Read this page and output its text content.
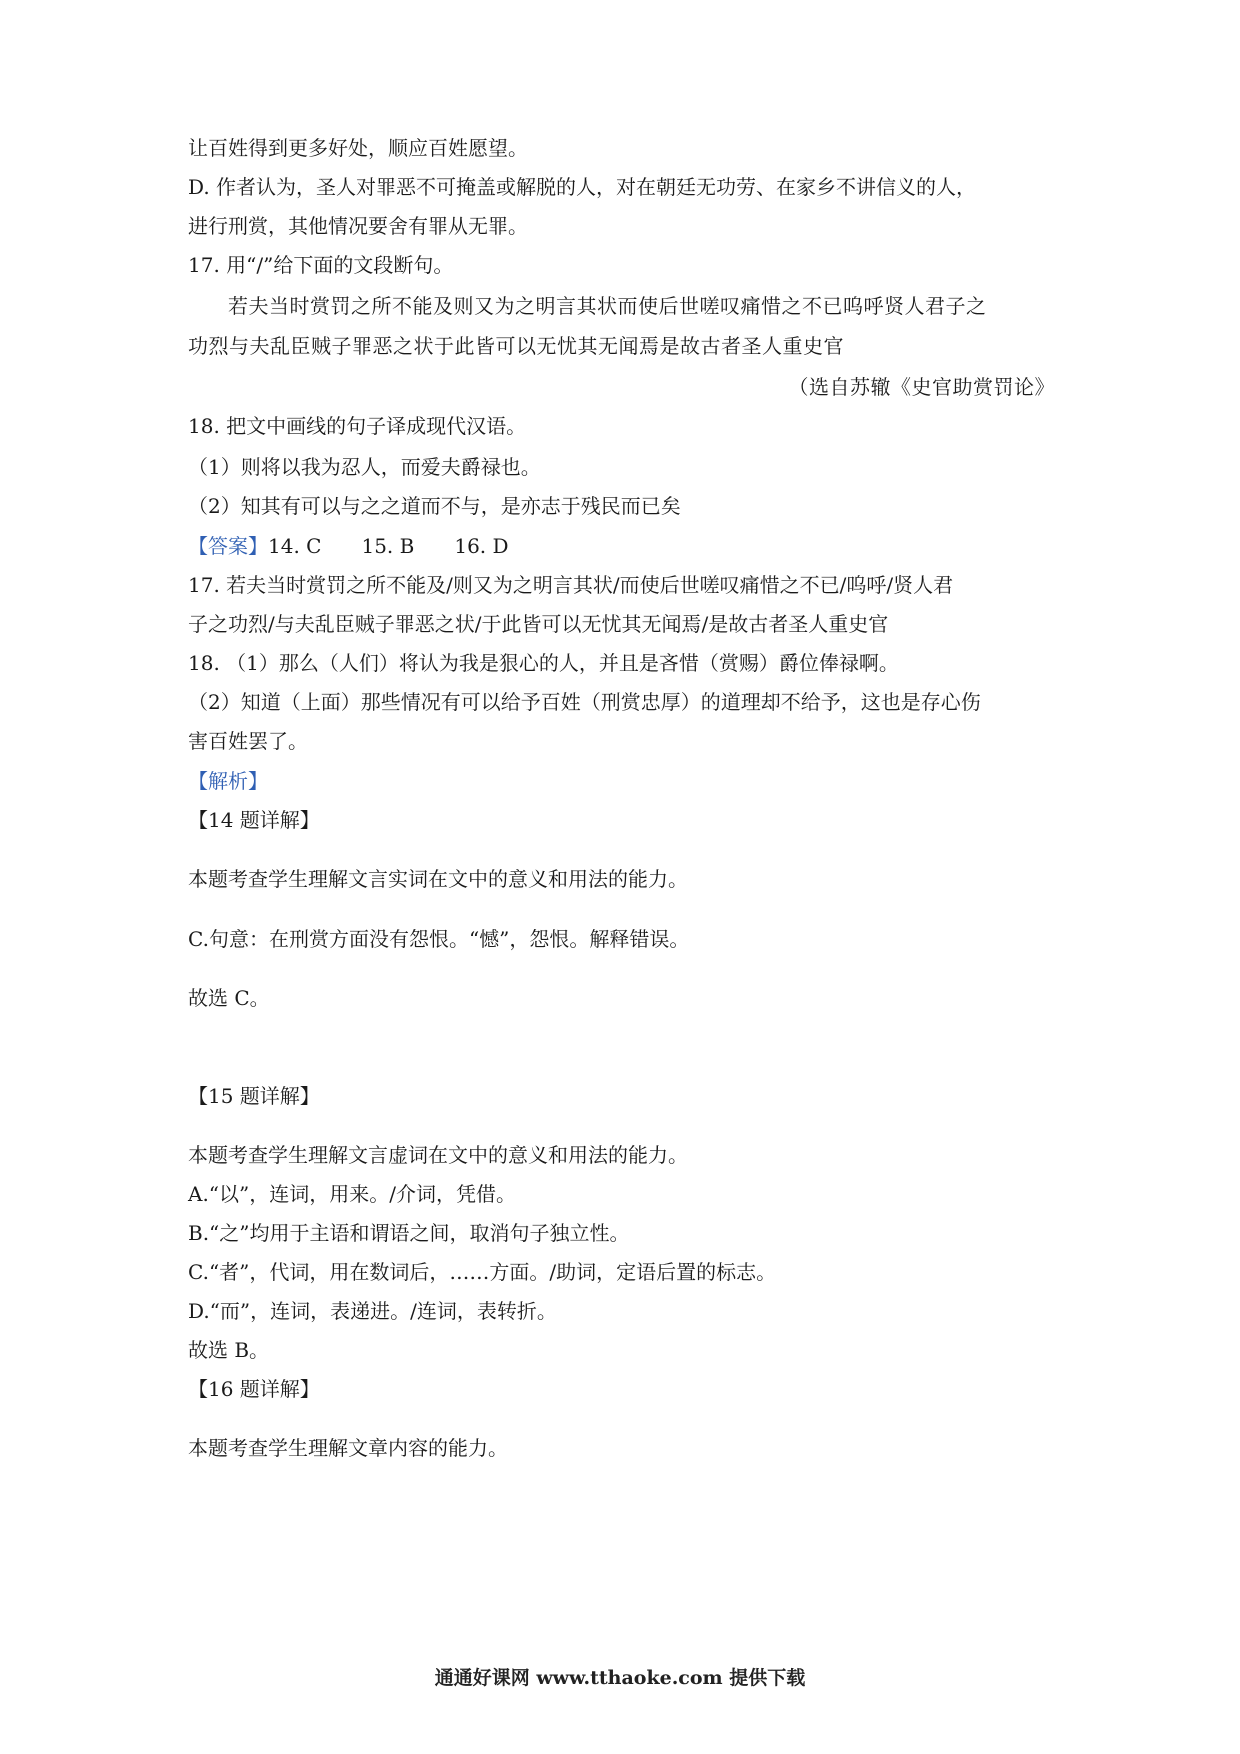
让百姓得到更多好处，顺应百姓愿望。
D. 作者认为，圣人对罪恶不可掩盖或解脱的人，对在朝廷无功劳、在家乡不讲信义的人，
进行刑赏，其他情况要舍有罪从无罪。
17. 用“/”给下面的文段断句。
若夫当时赏罚之所不能及则又为之明言其状而使后世嗟叹痛惜之不已呜呼贤人君子之
功烈与夫乱臣贼子罪恶之状于此皆可以无忧其无闻焉是故古者圣人重史官
（选自苏辙《史官助赏罚论》
18. 把文中画线的句子译成现代汉语。
（1）则将以我为忍人，而爱夫爵禄也。
（2）知其有可以与之之道而不与，是亦志于残民而已矣
【答案】14. C 15. B 16. D
17. 若夫当时赏罚之所不能及/则又为之明言其状/而使后世嗟叹痛惜之不已/呜呼/贤人君
子之功烈/与夫乱臣贼子罪恶之状/于此皆可以无忧其无闻焉/是故古者圣人重史官
18. （1）那么（人们）将认为我是狠心的人，并且是吝惜（赏赐）爵位俸禄啊。
（2）知道（上面）那些情况有可以给予百姓（刑赏忠厚）的道理却不给予，这也是存心伤
害百姓罢了。
【解析】
【14 题详解】
本题考查学生理解文言实词在文中的意义和用法的能力。
C.句意：在刑赏方面没有怨恨。“憾”，怨恨。解释错误。
故选 C。
【15 题详解】
本题考查学生理解文言虚词在文中的意义和用法的能力。
A.“以”，连词，用来。/介词，凭借。
B.“之”均用于主语和谓语之间，取消句子独立性。
C.“者”，代词，用在数词后，……方面。/助词，定语后置的标志。
D.“而”，连词，表递进。/连词，表转折。
故选 B。
【16 题详解】
本题考查学生理解文章内容的能力。
通通好课网 www.tthaoke.com 提供下载
